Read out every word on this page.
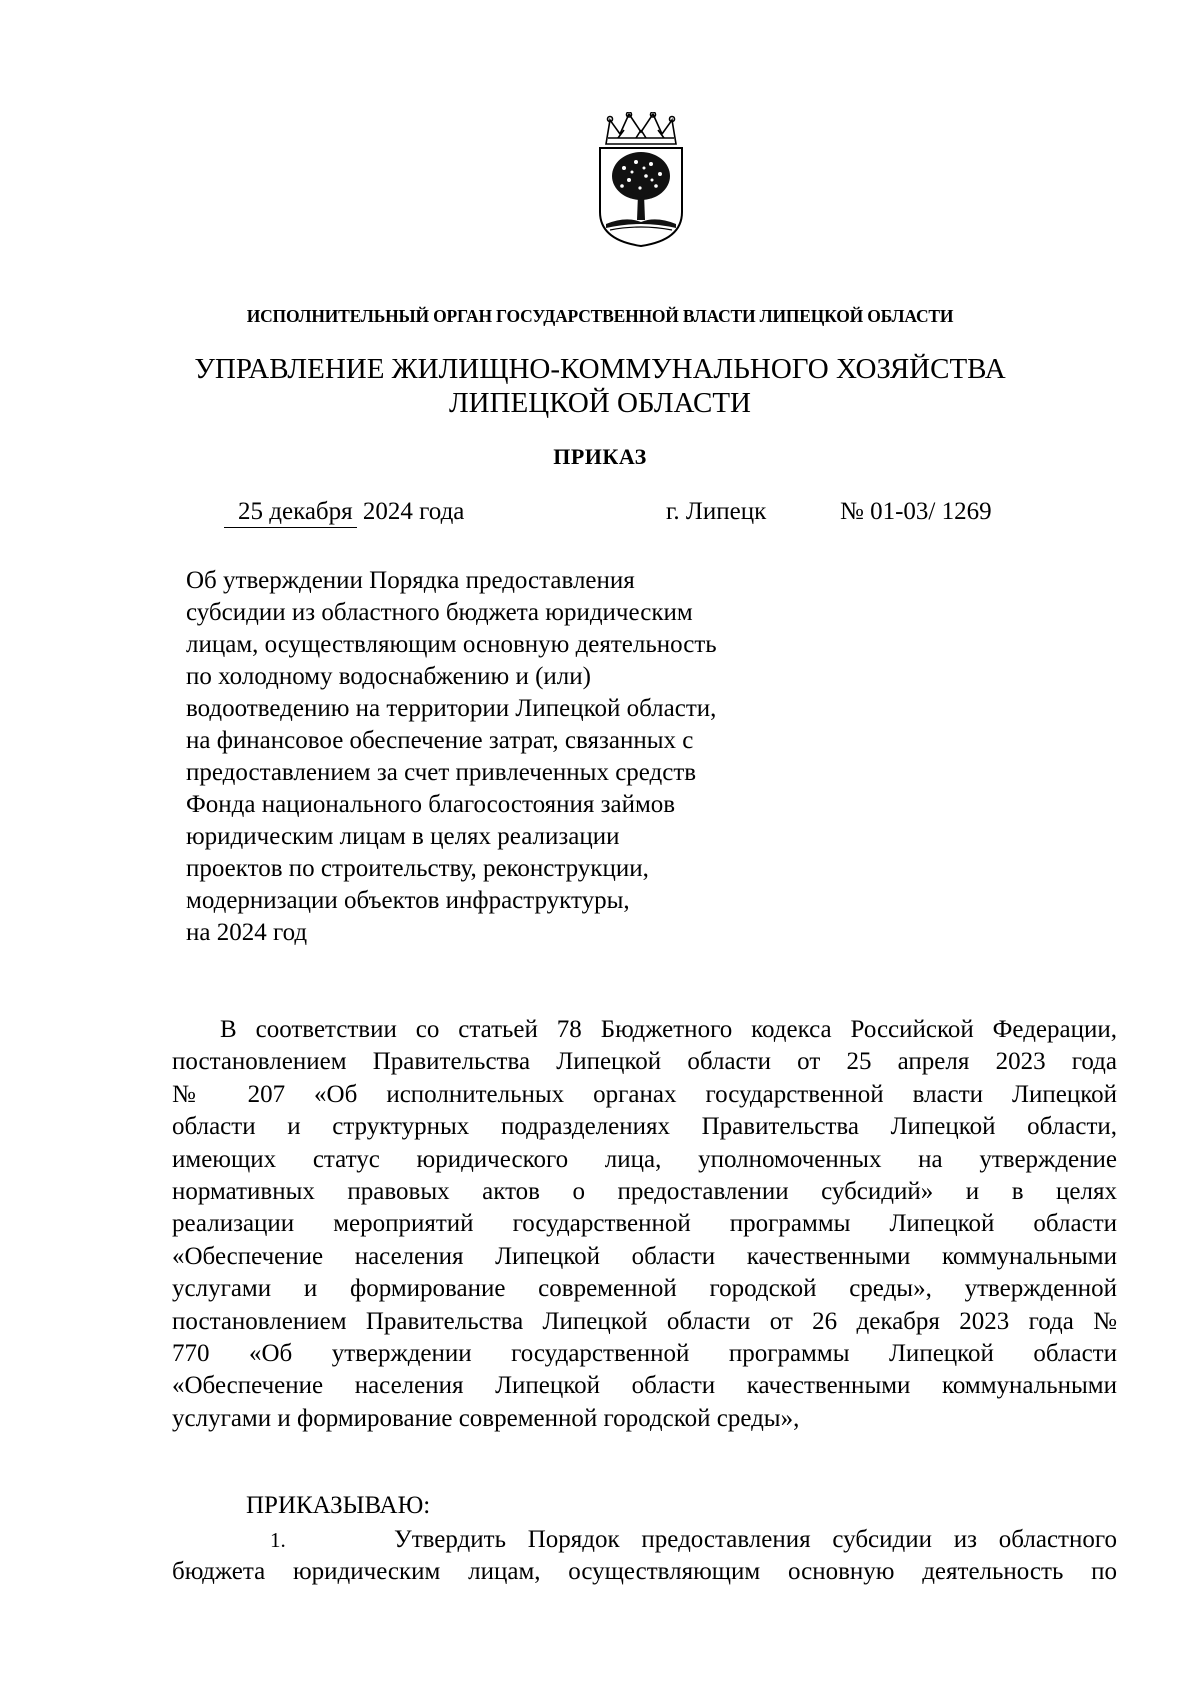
ИСПОЛНИТЕЛЬНЫЙ ОРГАН ГОСУДАРСТВЕННОЙ ВЛАСТИ ЛИПЕЦКОЙ ОБЛАСТИ
УПРАВЛЕНИЕ ЖИЛИЩНО-КОММУНАЛЬНОГО ХОЗЯЙСТВА
ЛИПЕЦКОЙ ОБЛАСТИ
ПРИКАЗ
25 декабря 2024 года	г. Липецк	№ 01-03/ 1269
Об утверждении Порядка предоставления
субсидии из областного бюджета юридическим
лицам, осуществляющим основную деятельность
по холодному водоснабжению и (или)
водоотведению на территории Липецкой области,
на финансовое обеспечение затрат, связанных с
предоставлением за счет привлеченных средств
Фонда национального благосостояния займов
юридическим лицам в целях реализации
проектов по строительству, реконструкции,
модернизации объектов инфраструктуры,
на 2024 год
В соответствии со статьей 78 Бюджетного кодекса Российской Федерации,
постановлением Правительства Липецкой области от 25 апреля 2023 года
№ 207 «Об исполнительных органах государственной власти Липецкой
области и структурных подразделениях Правительства Липецкой области,
имеющих статус юридического лица, уполномоченных на утверждение
нормативных правовых актов о предоставлении субсидий» и в целях
реализации мероприятий государственной программы Липецкой области
«Обеспечение населения Липецкой области качественными коммунальными
услугами и формирование современной городской среды», утвержденной
постановлением Правительства Липецкой области от 26 декабря 2023 года №
770 «Об утверждении государственной программы Липецкой области
«Обеспечение населения Липецкой области качественными коммунальными
услугами и формирование современной городской среды»,
ПРИКАЗЫВАЮ:
1.	Утвердить Порядок предоставления субсидии из областного
бюджета юридическим лицам, осуществляющим основную деятельность по
